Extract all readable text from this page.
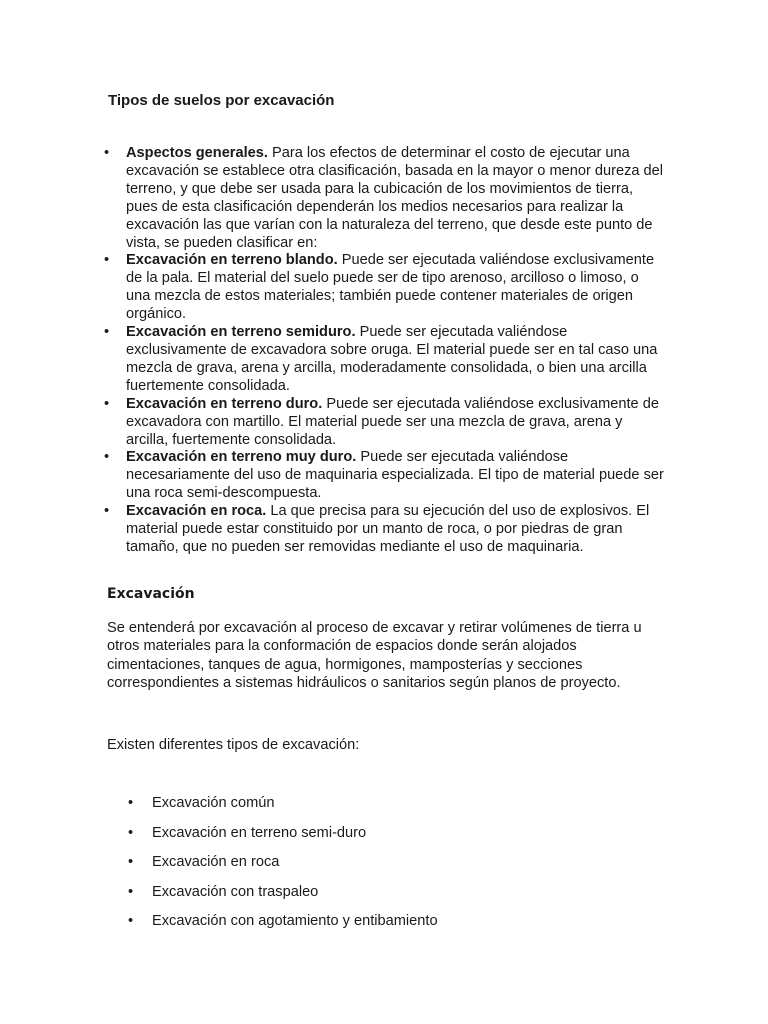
Tipos de suelos por excavación
•	Aspectos generales. Para los efectos de determinar el costo de ejecutar una excavación se establece otra clasificación, basada en la mayor o menor dureza del terreno, y que debe ser usada para la cubicación de los movimientos de tierra, pues de esta clasificación dependerán los medios necesarios para realizar la excavación las que varían con la naturaleza del terreno, que desde este punto de vista, se pueden clasificar en:
•	Excavación en terreno blando. Puede ser ejecutada valiéndose exclusivamente de la pala. El material del suelo puede ser de tipo arenoso, arcilloso o limoso, o una mezcla de estos materiales; también puede contener materiales de origen orgánico.
•	Excavación en terreno semiduro. Puede ser ejecutada valiéndose exclusivamente de excavadora sobre oruga. El material puede ser en tal caso una mezcla de grava, arena y arcilla, moderadamente consolidada, o bien una arcilla fuertemente consolidada.
•	Excavación en terreno duro. Puede ser ejecutada valiéndose exclusivamente de excavadora con martillo. El material puede ser una mezcla de grava, arena y arcilla, fuertemente consolidada.
•	Excavación en terreno muy duro. Puede ser ejecutada valiéndose necesariamente del uso de maquinaria especializada. El tipo de material puede ser una roca semi-descompuesta.
•	Excavación en roca. La que precisa para su ejecución del uso de explosivos. El material puede estar constituido por un manto de roca, o por piedras de gran tamaño, que no pueden ser removidas mediante el uso de maquinaria.
Excavación

Se entenderá por excavación al proceso de excavar y retirar volúmenes de tierra u otros materiales para la conformación de espacios donde serán alojados cimentaciones, tanques de agua, hormigones, mamposterías y secciones correspondientes a sistemas hidráulicos o sanitarios según planos de proyecto.

Existen diferentes tipos de excavación:

• Excavación común
• Excavación en terreno semi-duro
• Excavación en roca
• Excavación con traspaleo
• Excavación con agotamiento y entibamiento
